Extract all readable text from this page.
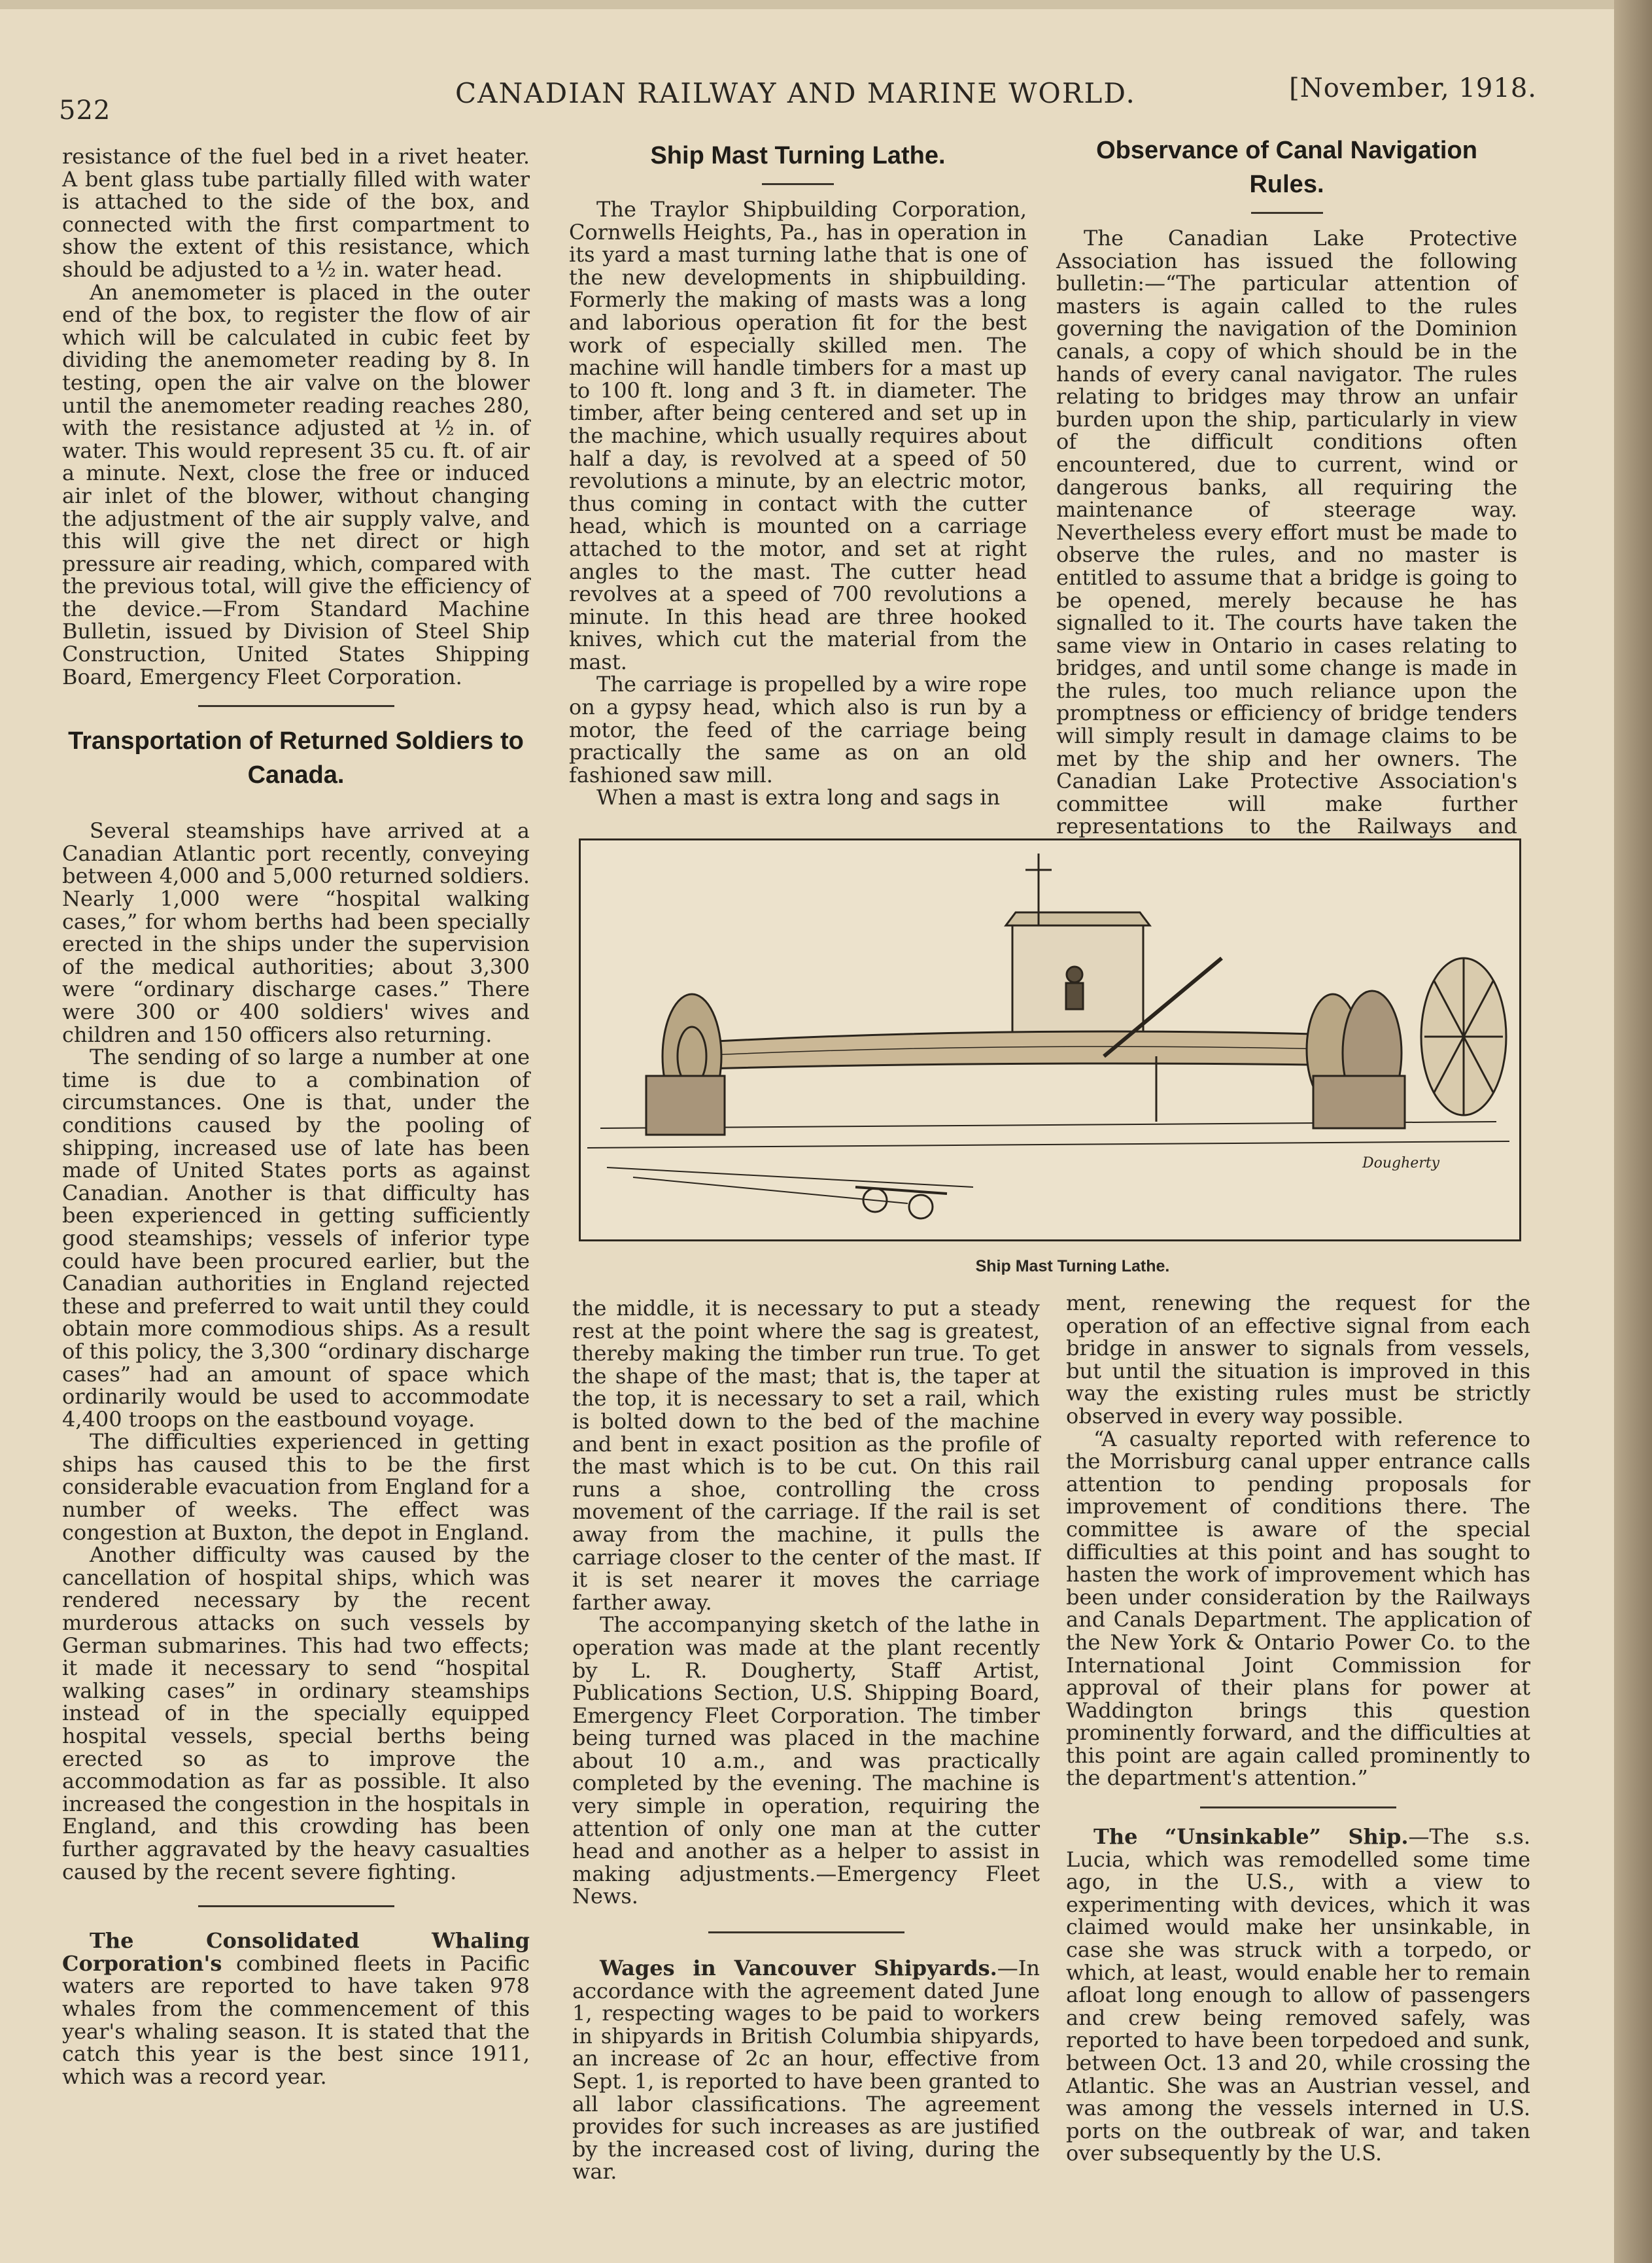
522
CANADIAN RAILWAY AND MARINE WORLD.	[November, 1918.

resistance of the fuel bed in a rivet heater. A bent glass tube partially filled with water is attached to the side of the box, and connected with the first compartment to show the extent of this resistance, which should be adjusted to a ½ in. water head.

An anemometer is placed in the outer end of the box, to register the flow of air which will be calculated in cubic feet by dividing the anemometer reading by 8. In testing, open the air valve on the blower until the anemometer reading reaches 280, with the resistance adjusted at ½ in. of water. This would represent 35 cu. ft. of air a minute. Next, close the free or induced air inlet of the blower, without changing the adjustment of the air supply valve, and this will give the net direct or high pressure air reading, which, compared with the previous total, will give the efficiency of the device.—From Standard Machine Bulletin, issued by Division of Steel Ship Construction, United States Shipping Board, Emergency Fleet Corporation.

Transportation of Returned Soldiers to Canada.

Several steamships have arrived at a Canadian Atlantic port recently, conveying between 4,000 and 5,000 returned soldiers. Nearly 1,000 were “hospital walking cases,” for whom berths had been specially erected in the ships under the supervision of the medical authorities; about 3,300 were “ordinary discharge cases.” There were 300 or 400 soldiers' wives and children and 150 officers also returning.

The sending of so large a number at one time is due to a combination of circumstances. One is that, under the conditions caused by the pooling of shipping, increased use of late has been made of United States ports as against Canadian. Another is that difficulty has been experienced in getting sufficiently good steamships; vessels of inferior type could have been procured earlier, but the Canadian authorities in England rejected these and preferred to wait until they could obtain more commodious ships. As a result of this policy, the 3,300 “ordinary discharge cases” had an amount of space which ordinarily would be used to accommodate 4,400 troops on the eastbound voyage.

The difficulties experienced in getting ships has caused this to be the first considerable evacuation from England for a number of weeks. The effect was congestion at Buxton, the depot in England.

Another difficulty was caused by the cancellation of hospital ships, which was rendered necessary by the recent murderous attacks on such vessels by German submarines. This had two effects; it made it necessary to send “hospital walking cases” in ordinary steamships instead of in the specially equipped hospital vessels, special berths being erected so as to improve the accommodation as far as possible. It also increased the congestion in the hospitals in England, and this crowding has been further aggravated by the heavy casualties caused by the recent severe fighting.

The Consolidated Whaling Corporation's combined fleets in Pacific waters are reported to have taken 978 whales from the commencement of this year's whaling season. It is stated that the catch this year is the best since 1911, which was a record year.

Ship Mast Turning Lathe.

The Traylor Shipbuilding Corporation, Cornwells Heights, Pa., has in operation in its yard a mast turning lathe that is one of the new developments in shipbuilding. Formerly the making of masts was a long and laborious operation fit for the best work of especially skilled men. The machine will handle timbers for a mast up to 100 ft. long and 3 ft. in diameter. The timber, after being centered and set up in the machine, which usually requires about half a day, is revolved at a speed of 50 revolutions a minute, by an electric motor, thus coming in contact with the cutter head, which is mounted on a carriage attached to the motor, and set at right angles to the mast. The cutter head revolves at a speed of 700 revolutions a minute. In this head are three hooked knives, which cut the material from the mast.

The carriage is propelled by a wire rope on a gypsy head, which also is run by a motor, the feed of the carriage being practically the same as on an old fashioned saw mill.

When a mast is extra long and sags in

Observance of Canal Navigation Rules.

The Canadian Lake Protective Association has issued the following bulletin:—“The particular attention of masters is again called to the rules governing the navigation of the Dominion canals, a copy of which should be in the hands of every canal navigator. The rules relating to bridges may throw an unfair burden upon the ship, particularly in view of the difficult conditions often encountered, due to current, wind or dangerous banks, all requiring the maintenance of steerage way. Nevertheless every effort must be made to observe the rules, and no master is entitled to assume that a bridge is going to be opened, merely because he has signalled to it. The courts have taken the same view in Ontario in cases relating to bridges, and until some change is made in the rules, too much reliance upon the promptness or efficiency of bridge tenders will simply result in damage claims to be met by the ship and her owners. The Canadian Lake Protective Association's committee will make further representations to the Railways and

Dougherty
Ship Mast Turning Lathe.

the middle, it is necessary to put a steady rest at the point where the sag is greatest, thereby making the timber run true. To get the shape of the mast; that is, the taper at the top, it is necessary to set a rail, which is bolted down to the bed of the machine and bent in exact position as the profile of the mast which is to be cut. On this rail runs a shoe, controlling the cross movement of the carriage. If the rail is set away from the machine, it pulls the carriage closer to the center of the mast. If it is set nearer it moves the carriage farther away.

The accompanying sketch of the lathe in operation was made at the plant recently by L. R. Dougherty, Staff Artist, Publications Section, U.S. Shipping Board, Emergency Fleet Corporation. The timber being turned was placed in the machine about 10 a.m., and was practically completed by the evening. The machine is very simple in operation, requiring the attention of only one man at the cutter head and another as a helper to assist in making adjustments.—Emergency Fleet News.

Wages in Vancouver Shipyards.—In accordance with the agreement dated June 1, respecting wages to be paid to workers in shipyards in British Columbia shipyards, an increase of 2c an hour, effective from Sept. 1, is reported to have been granted to all labor classifications. The agreement provides for such increases as are justified by the increased cost of living, during the war.

ment, renewing the request for the operation of an effective signal from each bridge in answer to signals from vessels, but until the situation is improved in this way the existing rules must be strictly observed in every way possible.

“A casualty reported with reference to the Morrisburg canal upper entrance calls attention to pending proposals for improvement of conditions there. The committee is aware of the special difficulties at this point and has sought to hasten the work of improvement which has been under consideration by the Railways and Canals Department. The application of the New York & Ontario Power Co. to the International Joint Commission for approval of their plans for power at Waddington brings this question prominently forward, and the difficulties at this point are again called prominently to the department's attention.”

The “Unsinkable” Ship.—The s.s. Lucia, which was remodelled some time ago, in the U.S., with a view to experimenting with devices, which it was claimed would make her unsinkable, in case she was struck with a torpedo, or which, at least, would enable her to remain afloat long enough to allow of passengers and crew being removed safely, was reported to have been torpedoed and sunk, between Oct. 13 and 20, while crossing the Atlantic. She was an Austrian vessel, and was among the vessels interned in U.S. ports on the outbreak of war, and taken over subsequently by the U.S.
